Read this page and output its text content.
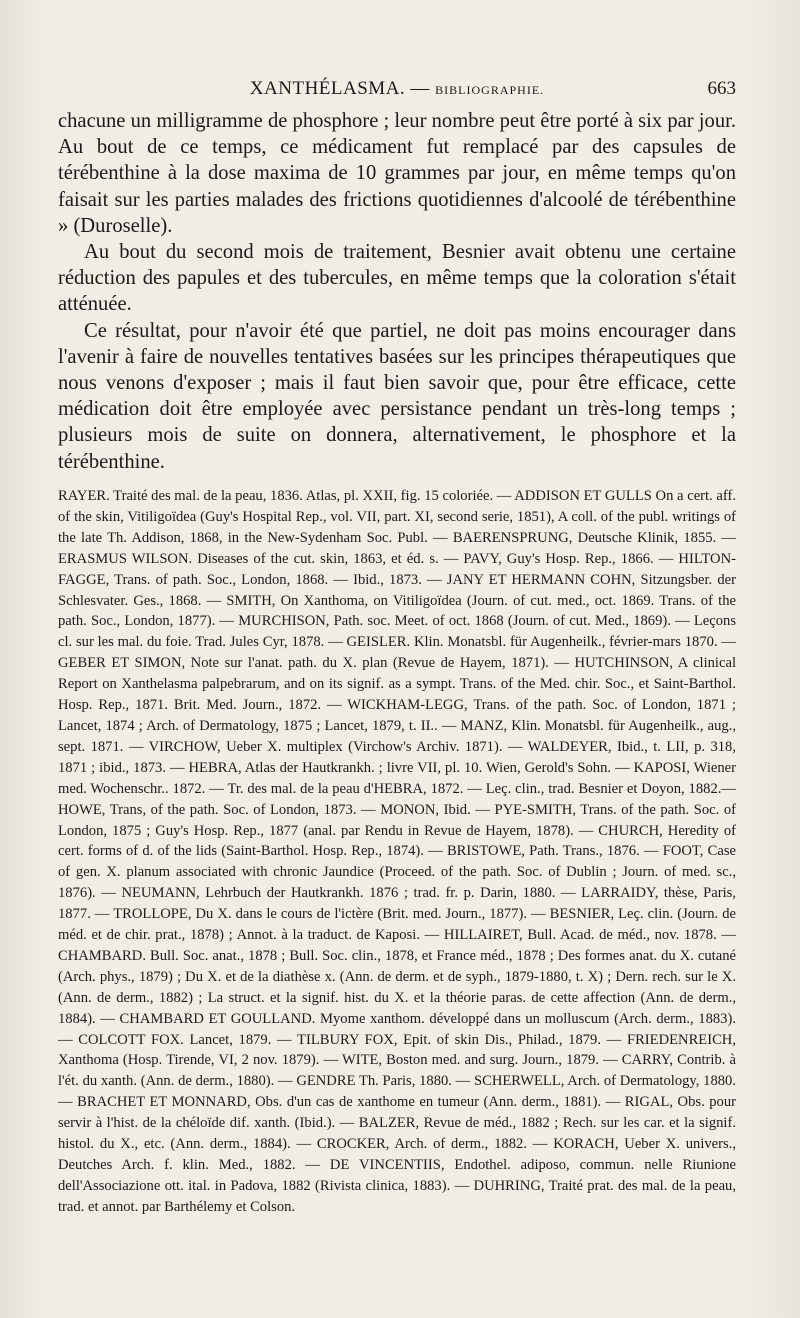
XANTHÉLASMA. — BIBLIOGRAPHIE.	663

chacune un milligramme de phosphore ; leur nombre peut être porté à six par jour. Au bout de ce temps, ce médicament fut remplacé par des capsules de térébenthine à la dose maxima de 10 grammes par jour, en même temps qu'on faisait sur les parties malades des frictions quotidiennes d'alcoolé de térébenthine » (Duroselle).

Au bout du second mois de traitement, Besnier avait obtenu une certaine réduction des papules et des tubercules, en même temps que la coloration s'était atténuée.

Ce résultat, pour n'avoir été que partiel, ne doit pas moins encourager dans l'avenir à faire de nouvelles tentatives basées sur les principes thérapeutiques que nous venons d'exposer ; mais il faut bien savoir que, pour être efficace, cette médication doit être employée avec persistance pendant un très-long temps ; plusieurs mois de suite on donnera, alternativement, le phosphore et la térébenthine.

RAYER. Traité des mal. de la peau, 1836. Atlas, pl. XXII, fig. 15 coloriée. — ADDISON ET GULLS On a cert. aff. of the skin, Vitiligoïdea (Guy's Hospital Rep., vol. VII, part. XI, second serie, 1851), A coll. of the publ. writings of the late Th. Addison, 1868, in the New-Sydenham Soc. Publ. — BAERENSPRUNG, Deutsche Klinik, 1855. — ERASMUS WILSON. Diseases of the cut. skin, 1863, et éd. s. — PAVY, Guy's Hosp. Rep., 1866. — HILTON-FAGGE, Trans. of path. Soc., London, 1868. — Ibid., 1873. — JANY ET HERMANN COHN, Sitzungsber. der Schlesvater. Ges., 1868. — SMITH, On Xanthoma, on Vitiligoïdea (Journ. of cut. med., oct. 1869. Trans. of the path. Soc., London, 1877). — MURCHISON, Path. soc. Meet. of oct. 1868 (Journ. of cut. Med., 1869). — Leçons cl. sur les mal. du foie. Trad. Jules Cyr, 1878. — GEISLER. Klin. Monatsbl. für Augenheilk., février-mars 1870. — GEBER ET SIMON, Note sur l'anat. path. du X. plan (Revue de Hayem, 1871). — HUTCHINSON, A clinical Report on Xanthelasma palpebrarum, and on its signif. as a sympt. Trans. of the Med. chir. Soc., et Saint-Barthol. Hosp. Rep., 1871. Brit. Med. Journ., 1872. — WICKHAM-LEGG, Trans. of the path. Soc. of London, 1871 ; Lancet, 1874 ; Arch. of Dermatology, 1875 ; Lancet, 1879, t. II.. — MANZ, Klin. Monatsbl. für Augenheilk., aug., sept. 1871. — VIRCHOW, Ueber X. multiplex (Virchow's Archiv. 1871). — WALDEYER, Ibid., t. LII, p. 318, 1871 ; ibid., 1873. — HEBRA, Atlas der Hautkrankh. ; livre VII, pl. 10. Wien, Gerold's Sohn. — KAPOSI, Wiener med. Wochenschr.. 1872. — Tr. des mal. de la peau d'HEBRA, 1872. — Leç. clin., trad. Besnier et Doyon, 1882.— HOWE, Trans, of the path. Soc. of London, 1873. — MONON, Ibid. — PYE-SMITH, Trans. of the path. Soc. of London, 1875 ; Guy's Hosp. Rep., 1877 (anal. par Rendu in Revue de Hayem, 1878). — CHURCH, Heredity of cert. forms of d. of the lids (Saint-Barthol. Hosp. Rep., 1874). — BRISTOWE, Path. Trans., 1876. — FOOT, Case of gen. X. planum associated with chronic Jaundice (Proceed. of the path. Soc. of Dublin ; Journ. of med. sc., 1876). — NEUMANN, Lehrbuch der Hautkrankh. 1876 ; trad. fr. p. Darin, 1880. — LARRAIDY, thèse, Paris, 1877. — TROLLOPE, Du X. dans le cours de l'ictère (Brit. med. Journ., 1877). — BESNIER, Leç. clin. (Journ. de méd. et de chir. prat., 1878) ; Annot. à la traduct. de Kaposi. — HILLAIRET, Bull. Acad. de méd., nov. 1878. — CHAMBARD. Bull. Soc. anat., 1878 ; Bull. Soc. clin., 1878, et France méd., 1878 ; Des formes anat. du X. cutané (Arch. phys., 1879) ; Du X. et de la diathèse x. (Ann. de derm. et de syph., 1879-1880, t. X) ; Dern. rech. sur le X. (Ann. de derm., 1882) ; La struct. et la signif. hist. du X. et la théorie paras. de cette affection (Ann. de derm., 1884). — CHAMBARD ET GOULLAND. Myome xanthom. développé dans un molluscum (Arch. derm., 1883). — COLCOTT FOX. Lancet, 1879. — TILBURY FOX, Epit. of skin Dis., Philad., 1879. — FRIEDENREICH, Xanthoma (Hosp. Tirende, VI, 2 nov. 1879). — WITE, Boston med. and surg. Journ., 1879. — CARRY, Contrib. à l'ét. du xanth. (Ann. de derm., 1880). — GENDRE Th. Paris, 1880. — SCHERWELL, Arch. of Dermatology, 1880. — BRACHET ET MONNARD, Obs. d'un cas de xanthome en tumeur (Ann. derm., 1881). — RIGAL, Obs. pour servir à l'hist. de la chéloïde dif. xanth. (Ibid.). — BALZER, Revue de méd., 1882 ; Rech. sur les car. et la signif. histol. du X., etc. (Ann. derm., 1884). — CROCKER, Arch. of derm., 1882. — KORACH, Ueber X. univers., Deutches Arch. f. klin. Med., 1882. — DE VINCENTIIS, Endothel. adiposo, commun. nelle Riunione dell'Associazione ott. ital. in Padova, 1882 (Rivista clinica, 1883). — DUHRING, Traité prat. des mal. de la peau, trad. et annot. par Barthélemy et Colson.
